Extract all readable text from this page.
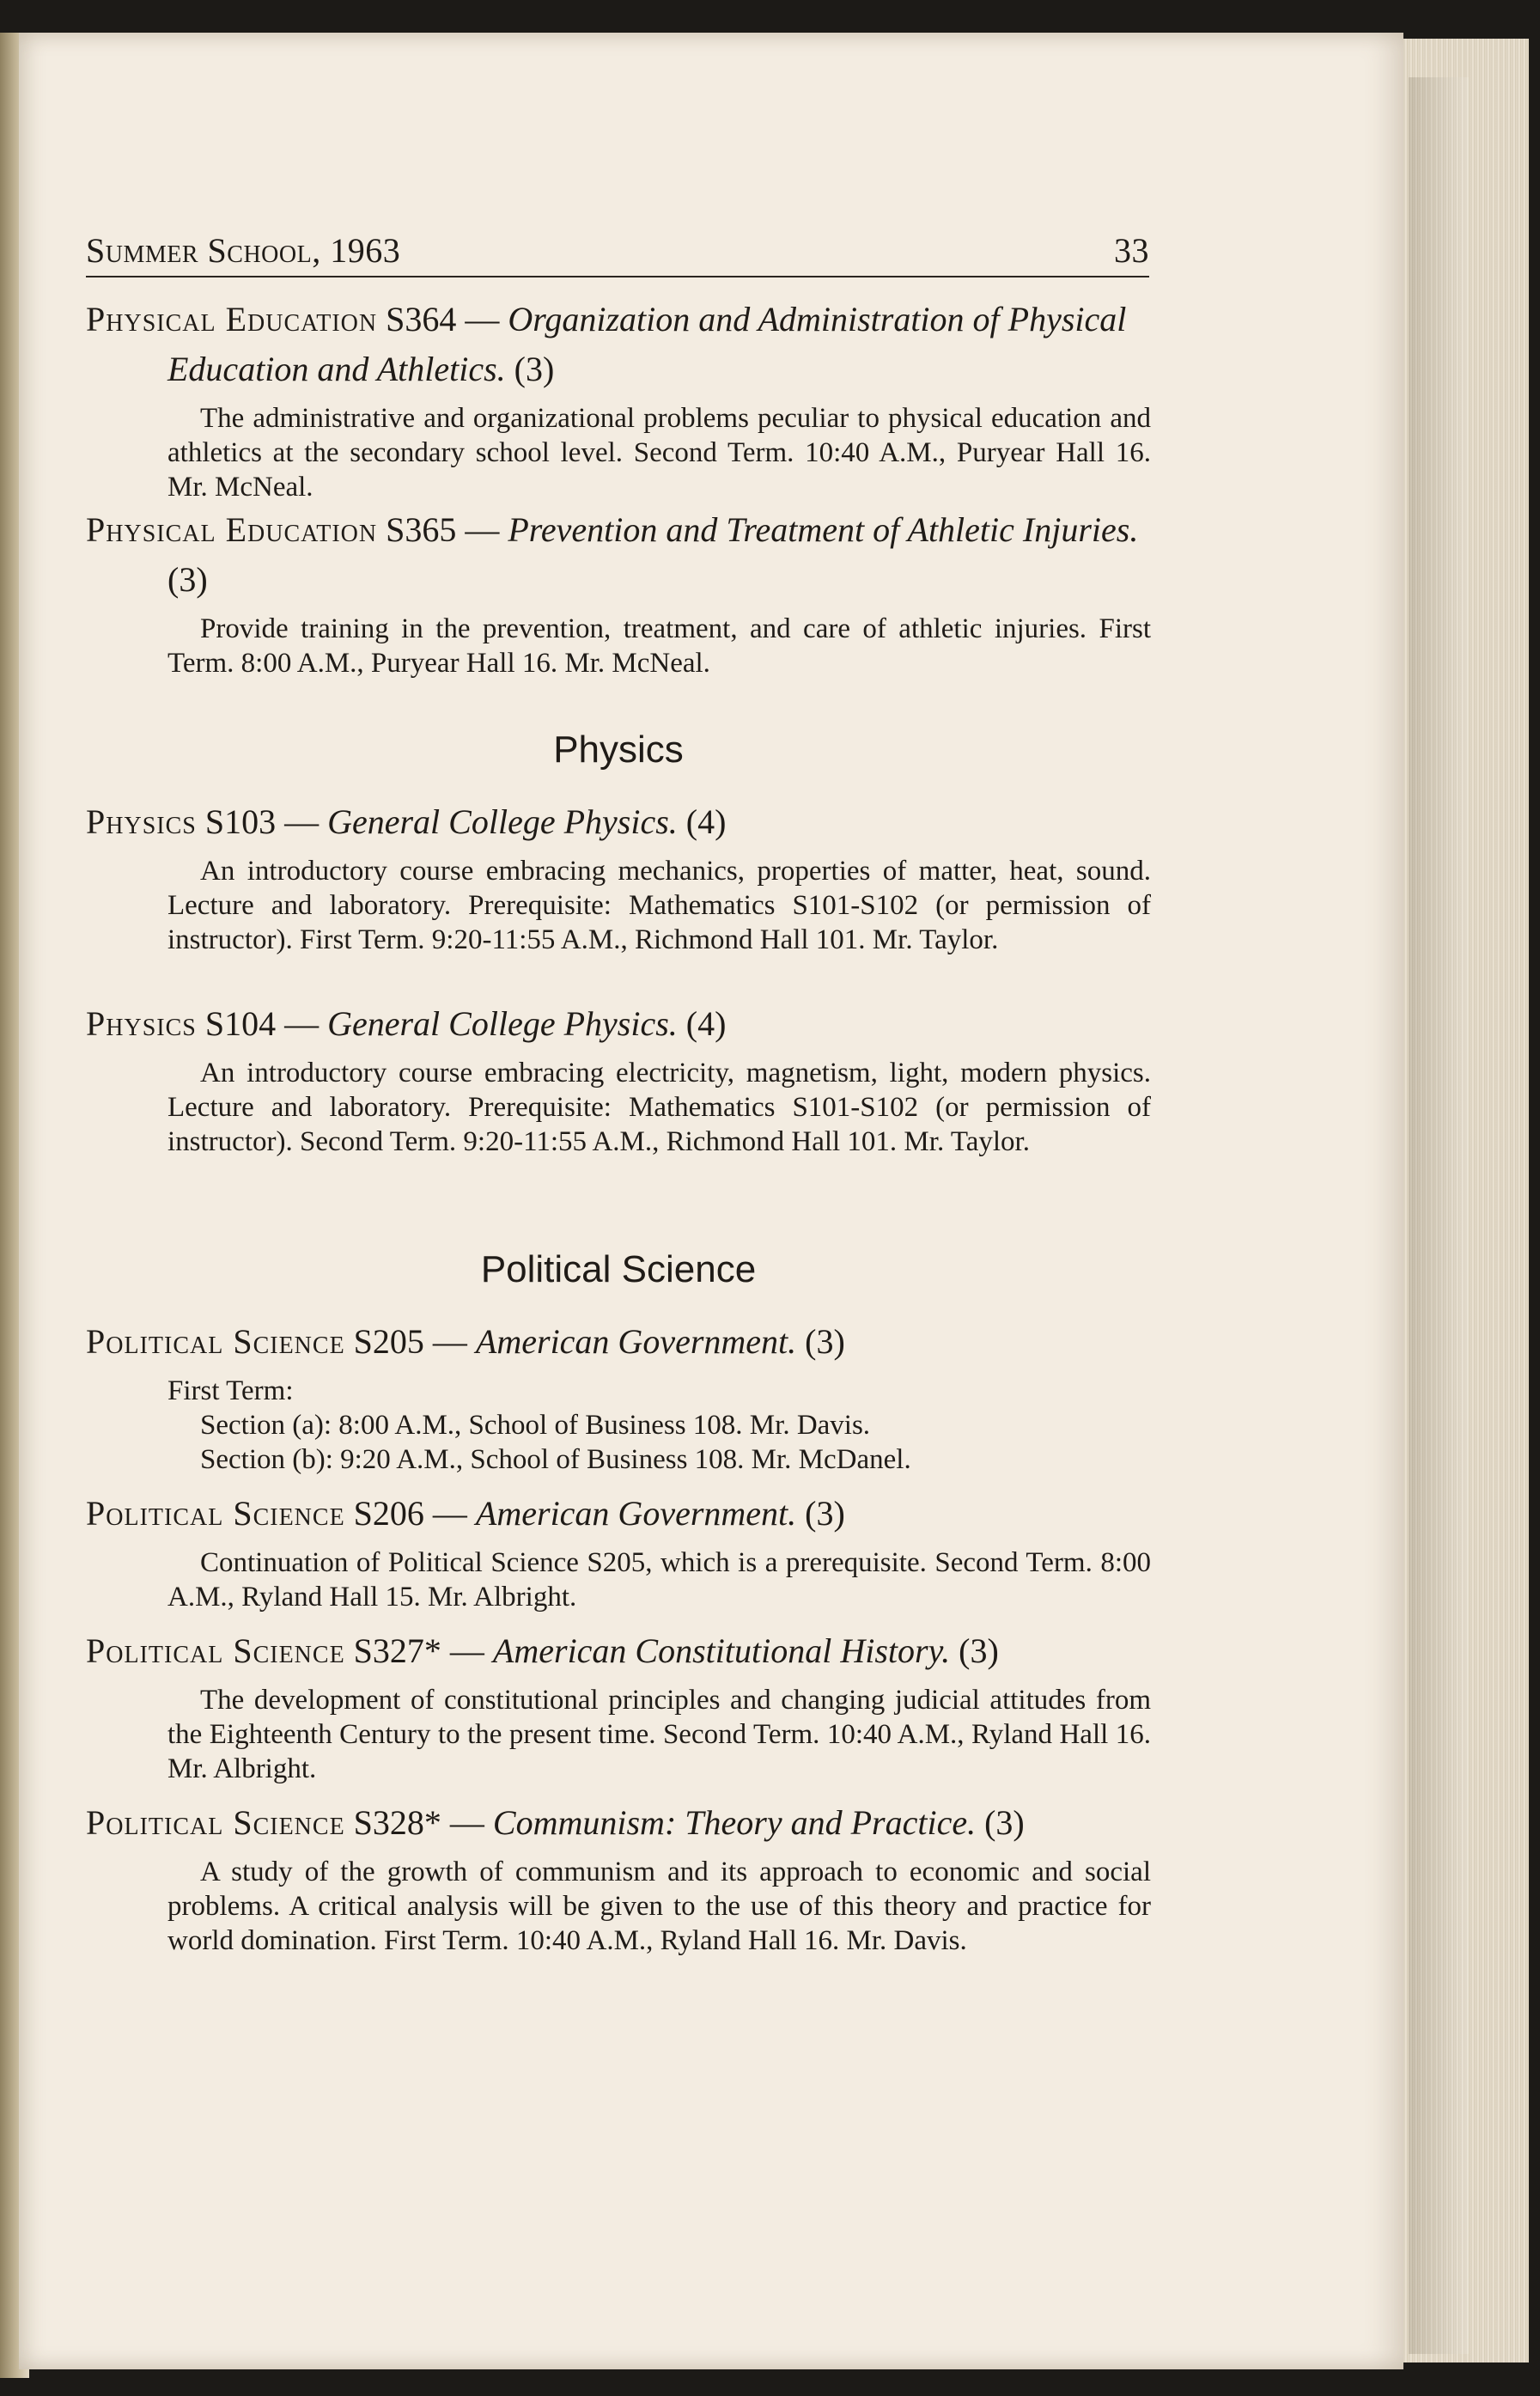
Summer School, 1963	33
Physical Education S364 — Organization and Administration of Physical Education and Athletics. (3)

The administrative and organizational problems peculiar to physical education and athletics at the secondary school level. Second Term. 10:40 A.M., Puryear Hall 16. Mr. McNeal.

Physical Education S365 — Prevention and Treatment of Athletic Injuries. (3)

Provide training in the prevention, treatment, and care of athletic injuries. First Term. 8:00 A.M., Puryear Hall 16. Mr. McNeal.

Physics
Physics S103 — General College Physics. (4)

An introductory course embracing mechanics, properties of matter, heat, sound. Lecture and laboratory. Prerequisite: Mathematics S101-S102 (or permission of instructor). First Term. 9:20-11:55 A.M., Richmond Hall 101. Mr. Taylor.

Physics S104 — General College Physics. (4)

An introductory course embracing electricity, magnetism, light, modern physics. Lecture and laboratory. Prerequisite: Mathematics S101-S102 (or permission of instructor). Second Term. 9:20-11:55 A.M., Richmond Hall 101. Mr. Taylor.

Political Science
Political Science S205 — American Government. (3)
First Term:
Section (a): 8:00 A.M., School of Business 108. Mr. Davis.
Section (b): 9:20 A.M., School of Business 108. Mr. McDanel.
Political Science S206 — American Government. (3)

Continuation of Political Science S205, which is a prerequisite. Second Term. 8:00 A.M., Ryland Hall 15. Mr. Albright.

Political Science S327* — American Constitutional History. (3)

The development of constitutional principles and changing judicial attitudes from the Eighteenth Century to the present time. Second Term. 10:40 A.M., Ryland Hall 16. Mr. Albright.

Political Science S328* — Communism: Theory and Practice. (3)

A study of the growth of communism and its approach to economic and social problems. A critical analysis will be given to the use of this theory and practice for world domination. First Term. 10:40 A.M., Ryland Hall 16. Mr. Davis.
